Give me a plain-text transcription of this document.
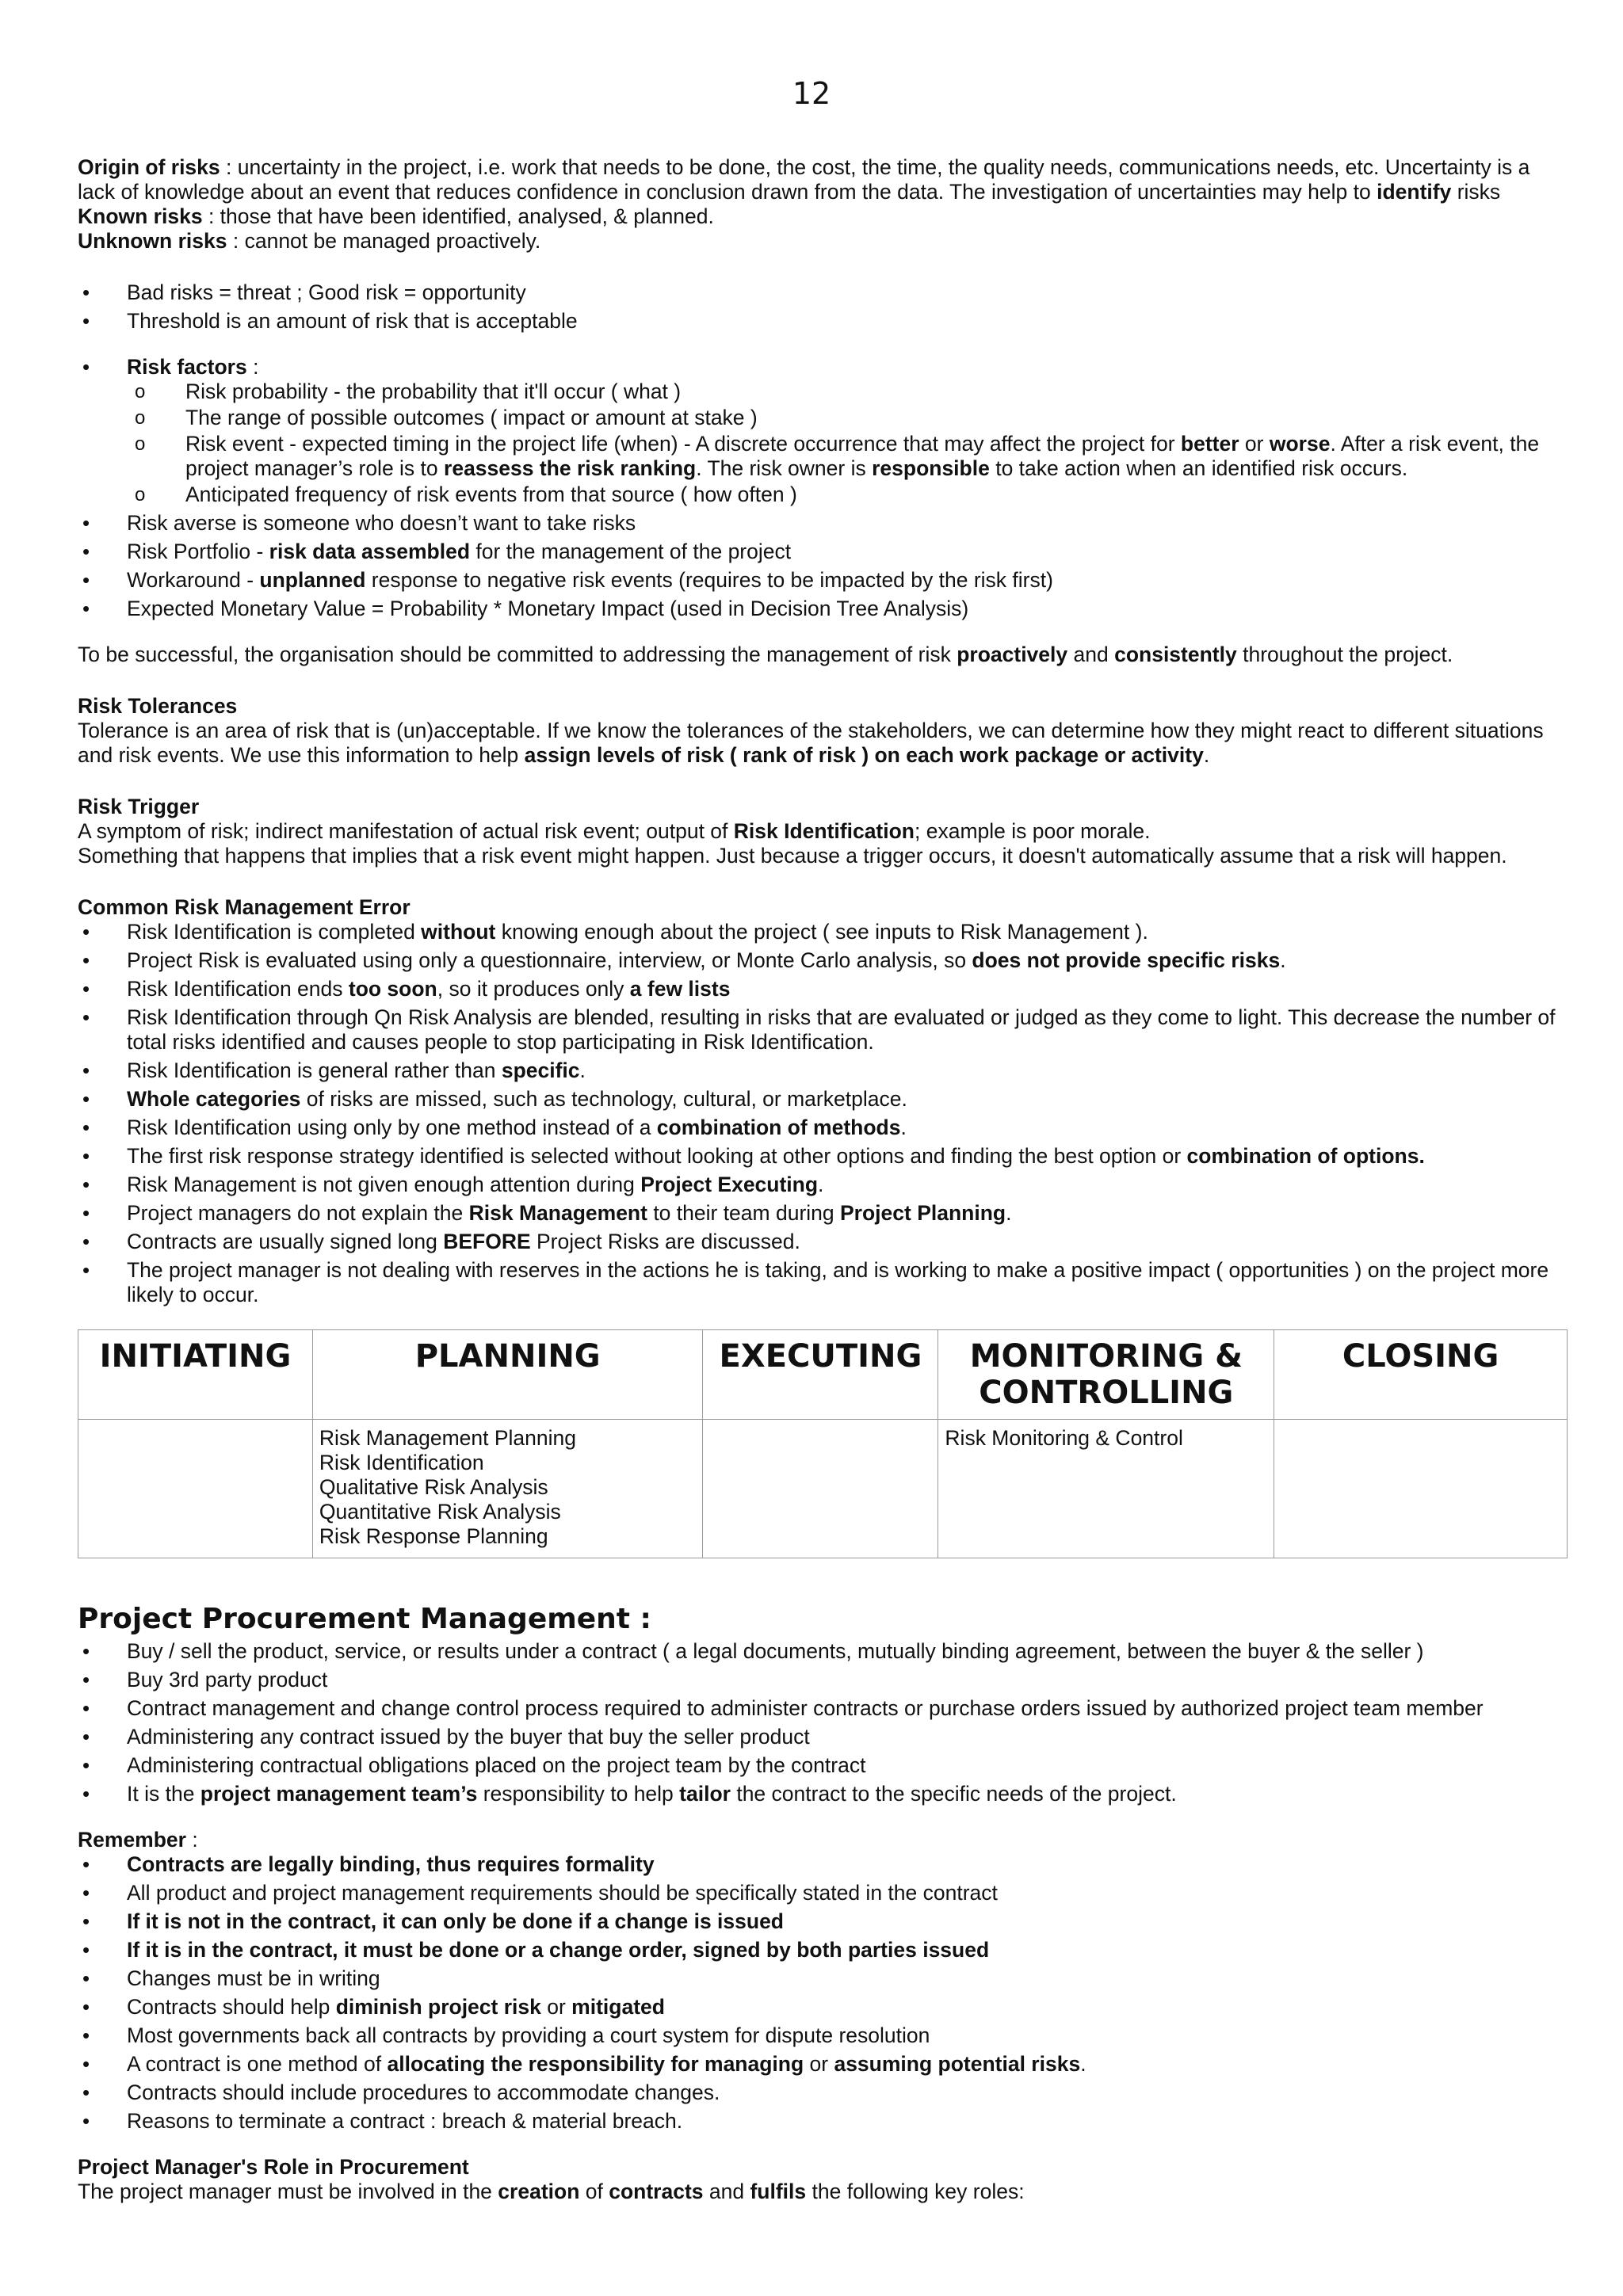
12

Origin of risks : uncertainty in the project, i.e. work that needs to be done, the cost, the time, the quality needs, communications needs, etc. Uncertainty is a lack of knowledge about an event that reduces confidence in conclusion drawn from the data. The investigation of uncertainties may help to identify risks

Known risks : those that have been identified, analysed, & planned.

Unknown risks : cannot be managed proactively.

• Bad risks = threat ; Good risk = opportunity
• Threshold is an amount of risk that is acceptable
• Risk factors :
o Risk probability - the probability that it'll occur ( what )
o The range of possible outcomes ( impact or amount at stake )
o Risk event - expected timing in the project life (when) - A discrete occurrence that may affect the project for better or worse. After a risk event, the project manager’s role is to reassess the risk ranking. The risk owner is responsible to take action when an identified risk occurs.
o Anticipated frequency of risk events from that source ( how often )
• Risk averse is someone who doesn’t want to take risks
• Risk Portfolio - risk data assembled for the management of the project
• Workaround - unplanned response to negative risk events (requires to be impacted by the risk first)
• Expected Monetary Value = Probability * Monetary Impact (used in Decision Tree Analysis)

To be successful, the organisation should be committed to addressing the management of risk proactively and consistently throughout the project.

Risk Tolerances

Tolerance is an area of risk that is (un)acceptable. If we know the tolerances of the stakeholders, we can determine how they might react to different situations and risk events. We use this information to help assign levels of risk ( rank of risk ) on each work package or activity.

Risk Trigger

A symptom of risk; indirect manifestation of actual risk event; output of Risk Identification; example is poor morale.

Something that happens that implies that a risk event might happen. Just because a trigger occurs, it doesn't automatically assume that a risk will happen.

Common Risk Management Error

• Risk Identification is completed without knowing enough about the project ( see inputs to Risk Management ).
• Project Risk is evaluated using only a questionnaire, interview, or Monte Carlo analysis, so does not provide specific risks.
• Risk Identification ends too soon, so it produces only a few lists
• Risk Identification through Qn Risk Analysis are blended, resulting in risks that are evaluated or judged as they come to light. This decrease the number of total risks identified and causes people to stop participating in Risk Identification.
• Risk Identification is general rather than specific.
• Whole categories of risks are missed, such as technology, cultural, or marketplace.
• Risk Identification using only by one method instead of a combination of methods.
• The first risk response strategy identified is selected without looking at other options and finding the best option or combination of options.
• Risk Management is not given enough attention during Project Executing.
• Project managers do not explain the Risk Management to their team during Project Planning.
• Contracts are usually signed long BEFORE Project Risks are discussed.
• The project manager is not dealing with reserves in the actions he is taking, and is working to make a positive impact ( opportunities ) on the project more likely to occur.
INITIATING	PLANNING	EXECUTING	MONITORING & CONTROLLING	CLOSING

	Risk Management Planning
Risk Identification
Qualitative Risk Analysis
Quantitative Risk Analysis
Risk Response Planning		Risk Monitoring & Control	

Project Procurement Management :

• Buy / sell the product, service, or results under a contract ( a legal documents, mutually binding agreement, between the buyer & the seller )
• Buy 3rd party product
• Contract management and change control process required to administer contracts or purchase orders issued by authorized project team member
• Administering any contract issued by the buyer that buy the seller product
• Administering contractual obligations placed on the project team by the contract
• It is the project management team’s responsibility to help tailor the contract to the specific needs of the project.

Remember :

• Contracts are legally binding, thus requires formality
• All product and project management requirements should be specifically stated in the contract
• If it is not in the contract, it can only be done if a change is issued
• If it is in the contract, it must be done or a change order, signed by both parties issued
• Changes must be in writing
• Contracts should help diminish project risk or mitigated
• Most governments back all contracts by providing a court system for dispute resolution
• A contract is one method of allocating the responsibility for managing or assuming potential risks.
• Contracts should include procedures to accommodate changes.
• Reasons to terminate a contract : breach & material breach.

Project Manager's Role in Procurement

The project manager must be involved in the creation of contracts and fulfils the following key roles:
